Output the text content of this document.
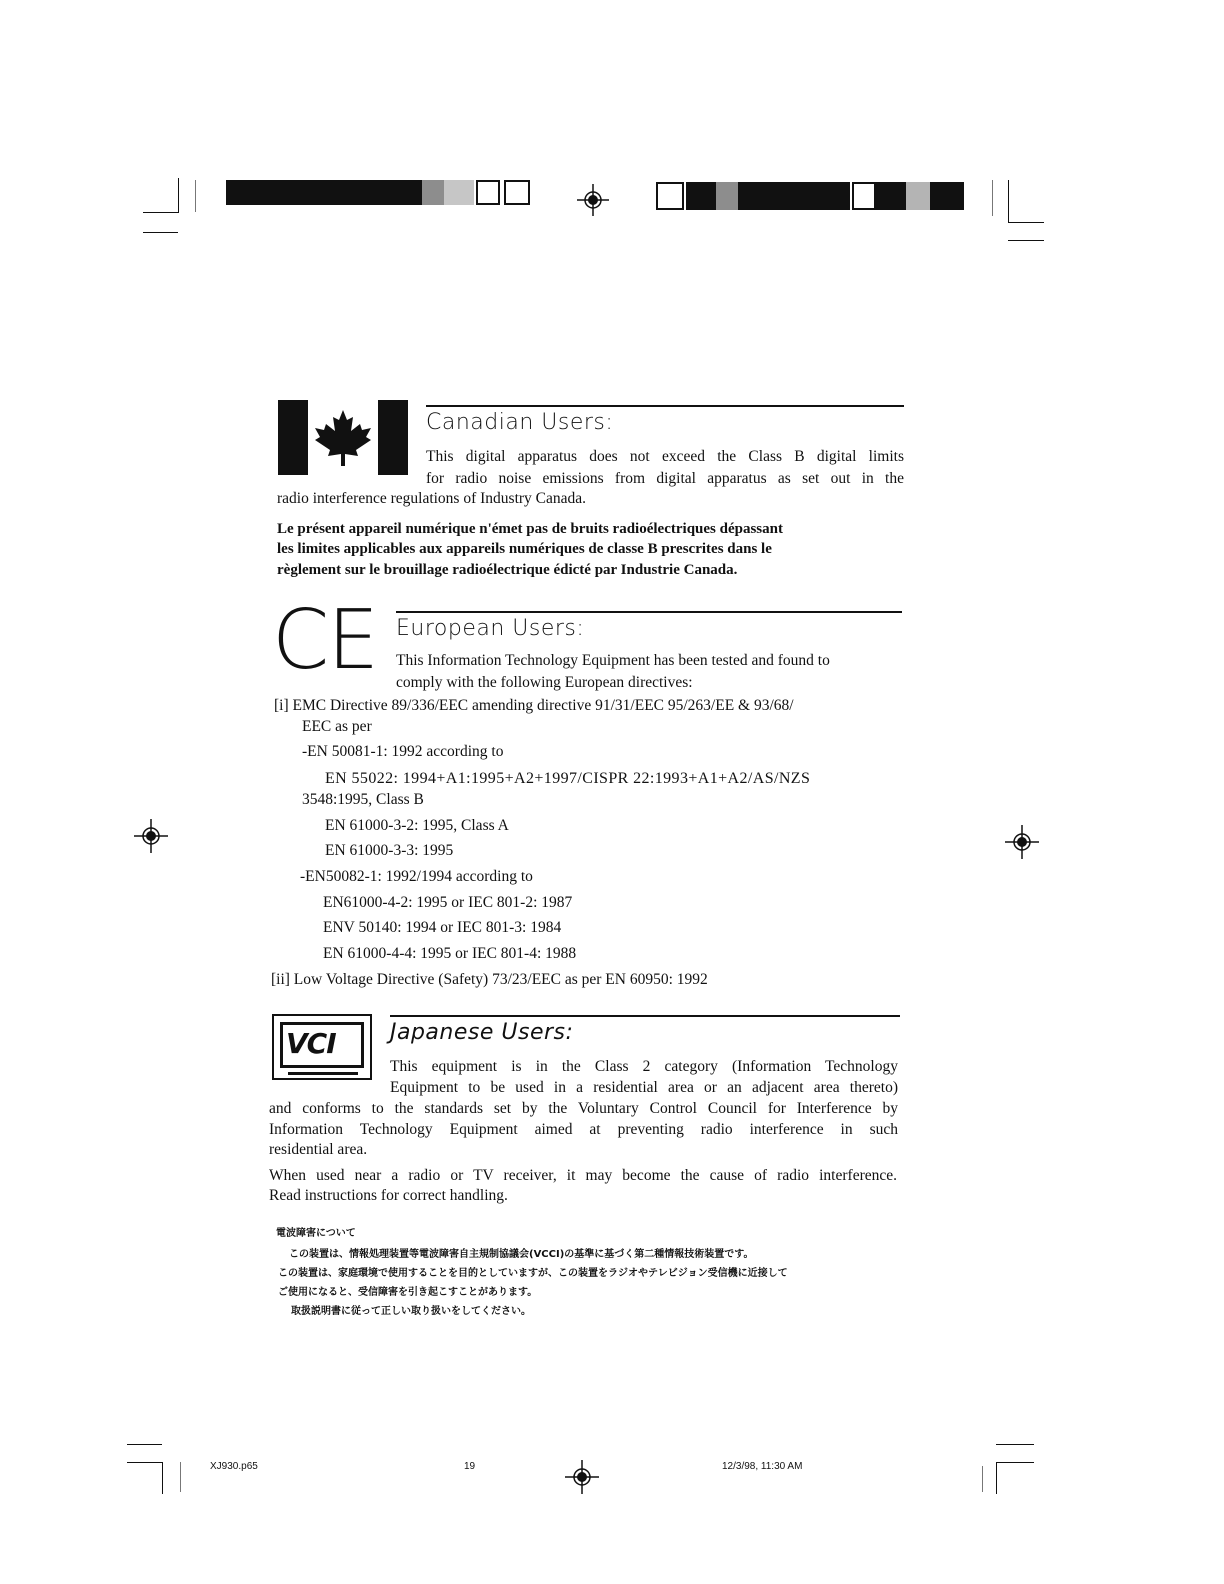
Canadian Users:
This digital apparatus does not exceed the Class B digital limits
for radio noise emissions from digital apparatus as set out in the
radio interference regulations of Industry Canada.
Le présent appareil numérique n'émet pas de bruits radioélectriques dépassant
les limites applicables aux appareils numériques de classe B prescrites dans le
règlement sur le brouillage radioélectrique édicté par Industrie Canada.
CE European Users:
This Information Technology Equipment has been tested and found to
comply with the following European directives:
[i] EMC Directive 89/336/EEC amending directive 91/31/EEC 95/263/EE & 93/68/
EEC as per
-EN 50081-1: 1992 according to
EN 55022: 1994+A1:1995+A2+1997/CISPR 22:1993+A1+A2/AS/NZS
3548:1995, Class B
EN 61000-3-2: 1995, Class A
EN 61000-3-3: 1995
-EN50082-1: 1992/1994 according to
EN61000-4-2: 1995 or IEC 801-2: 1987
ENV 50140: 1994 or IEC 801-3: 1984
EN 61000-4-4: 1995 or IEC 801-4: 1988
[ii] Low Voltage Directive (Safety) 73/23/EEC as per EN 60950: 1992
VCI Japanese Users:
This equipment is in the Class 2 category (Information Technology
Equipment to be used in a residential area or an adjacent area thereto)
and conforms to the standards set by the Voluntary Control Council for Interference by
Information Technology Equipment aimed at preventing radio interference in such
residential area.
When used near a radio or TV receiver, it may become the cause of radio interference.
Read instructions for correct handling.
電波障害について
この装置は、情報処理装置等電波障害自主規制協議会(VCCI)の基準に基づく第二種情報技術装置です。
この装置は、家庭環境で使用することを目的としていますが、この装置をラジオやテレビジョン受信機に近接して
ご使用になると、受信障害を引き起こすことがあります。
取扱説明書に従って正しい取り扱いをしてください。
XJ930.p65	19	12/3/98, 11:30 AM
